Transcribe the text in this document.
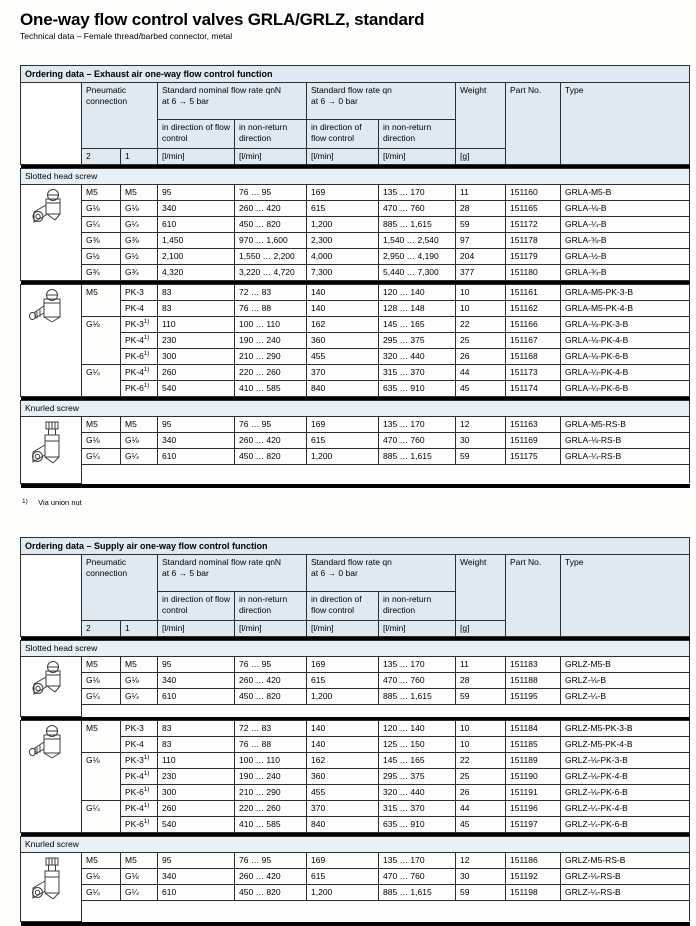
One-way flow control valves GRLA/GRLZ, standard

Technical data – Female thread/barbed connector, metal

Ordering data – Exhaust air one-way flow control function									

Pneumatic
connection

Standard nominal flow rate qnN
at 6 → 5 bar

Standard flow rate qn
at 6 → 0 bar
	Weight	Part No.	Type
			in direction of flow control	in non-return direction	in direction of flow control	in non-return direction			
	2	1	[l/min]	[l/min]	[l/min]	[l/min]	[g]		

Slotted head screw									
	M5	M5	95	76 … 95	169	135 … 170	11	151160	GRLA-M5-B
	G⅛	G⅛	340	260 … 420	615	470 … 760	28	151165	GRLA-⅛-B
	G¼	G¼	610	450 … 820	1,200	885 … 1,615	59	151172	GRLA-¼-B
	G⅜	G⅜	1,450	970 … 1,600	2,300	1,540 … 2,540	97	151178	GRLA-⅜-B
	G½	G½	2,100	1,550 … 2,200	4,000	2,950 … 4,190	204	151179	GRLA-½-B
	G¾	G¾	4,320	3,220 … 4,720	7,300	5,440 … 7,300	377	151180	GRLA-¾-B

	M5	PK-3	83	72 … 83	140	120 … 140	10	151161	GRLA-M5-PK-3-B
		PK-4	83	76 … 88	140	128 … 148	10	151162	GRLA-M5-PK-4-B
	G⅛	PK-3$^{1)}$	110	100 … 110	162	145 … 165	22	151166	GRLA-⅛-PK-3-B
		PK-4$^{1)}$	230	190 … 240	360	295 … 375	25	151167	GRLA-⅛-PK-4-B
		PK-6$^{1)}$	300	210 … 290	455	320 … 440	26	151168	GRLA-⅛-PK-6-B
	G¼	PK-4$^{1)}$	260	220 … 260	370	315 … 370	44	151173	GRLA-¼-PK-4-B
		PK-6$^{1)}$	540	410 … 585	840	635 … 910	45	151174	GRLA-¼-PK-6-B

Knurled screw									
	M5	M5	95	76 … 95	169	135 … 170	12	151163	GRLA-M5-RS-B
	G⅛	G⅛	340	260 … 420	615	470 … 760	30	151169	GRLA-⅛-RS-B
	G¼	G¼	610	450 … 820	1,200	885 … 1,615	59	151175	GRLA-¼-RS-B

1) Via union nut
Ordering data – Supply air one-way flow control function									

Pneumatic
connection

Standard nominal flow rate qnN
at 6 → 5 bar

Standard flow rate qn
at 6 → 0 bar
	Weight	Part No.	Type
			in direction of flow control	in non-return direction	in direction of flow control	in non-return direction			
	2	1	[l/min]	[l/min]	[l/min]	[l/min]	[g]		

Slotted head screw									
	M5	M5	95	76 … 95	169	135 … 170	11	151183	GRLZ-M5-B
	G⅛	G⅛	340	260 … 420	615	470 … 760	28	151188	GRLZ-⅛-B
	G¼	G¼	610	450 … 820	1,200	885 … 1,615	59	151195	GRLZ-¼-B

	M5	PK-3	83	72 … 83	140	120 … 140	10	151184	GRLZ-M5-PK-3-B
		PK-4	83	76 … 88	140	125 … 150	10	151185	GRLZ-M5-PK-4-B
	G⅛	PK-3$^{1)}$	110	100 … 110	162	145 … 165	22	151189	GRLZ-⅛-PK-3-B
		PK-4$^{1)}$	230	190 … 240	360	295 … 375	25	151190	GRLZ-⅛-PK-4-B
		PK-6$^{1)}$	300	210 … 290	455	320 … 440	26	151191	GRLZ-⅛-PK-6-B
	G¼	PK-4$^{1)}$	260	220 … 260	370	315 … 370	44	151196	GRLZ-¼-PK-4-B
		PK-6$^{1)}$	540	410 … 585	840	635 … 910	45	151197	GRLZ-¼-PK-6-B

Knurled screw									
	M5	M5	95	76 … 95	169	135 … 170	12	151186	GRLZ-M5-RS-B
	G⅛	G⅛	340	260 … 420	615	470 … 760	30	151192	GRLZ-⅛-RS-B
	G¼	G¼	610	450 … 820	1,200	885 … 1,615	59	151198	GRLZ-¼-RS-B
